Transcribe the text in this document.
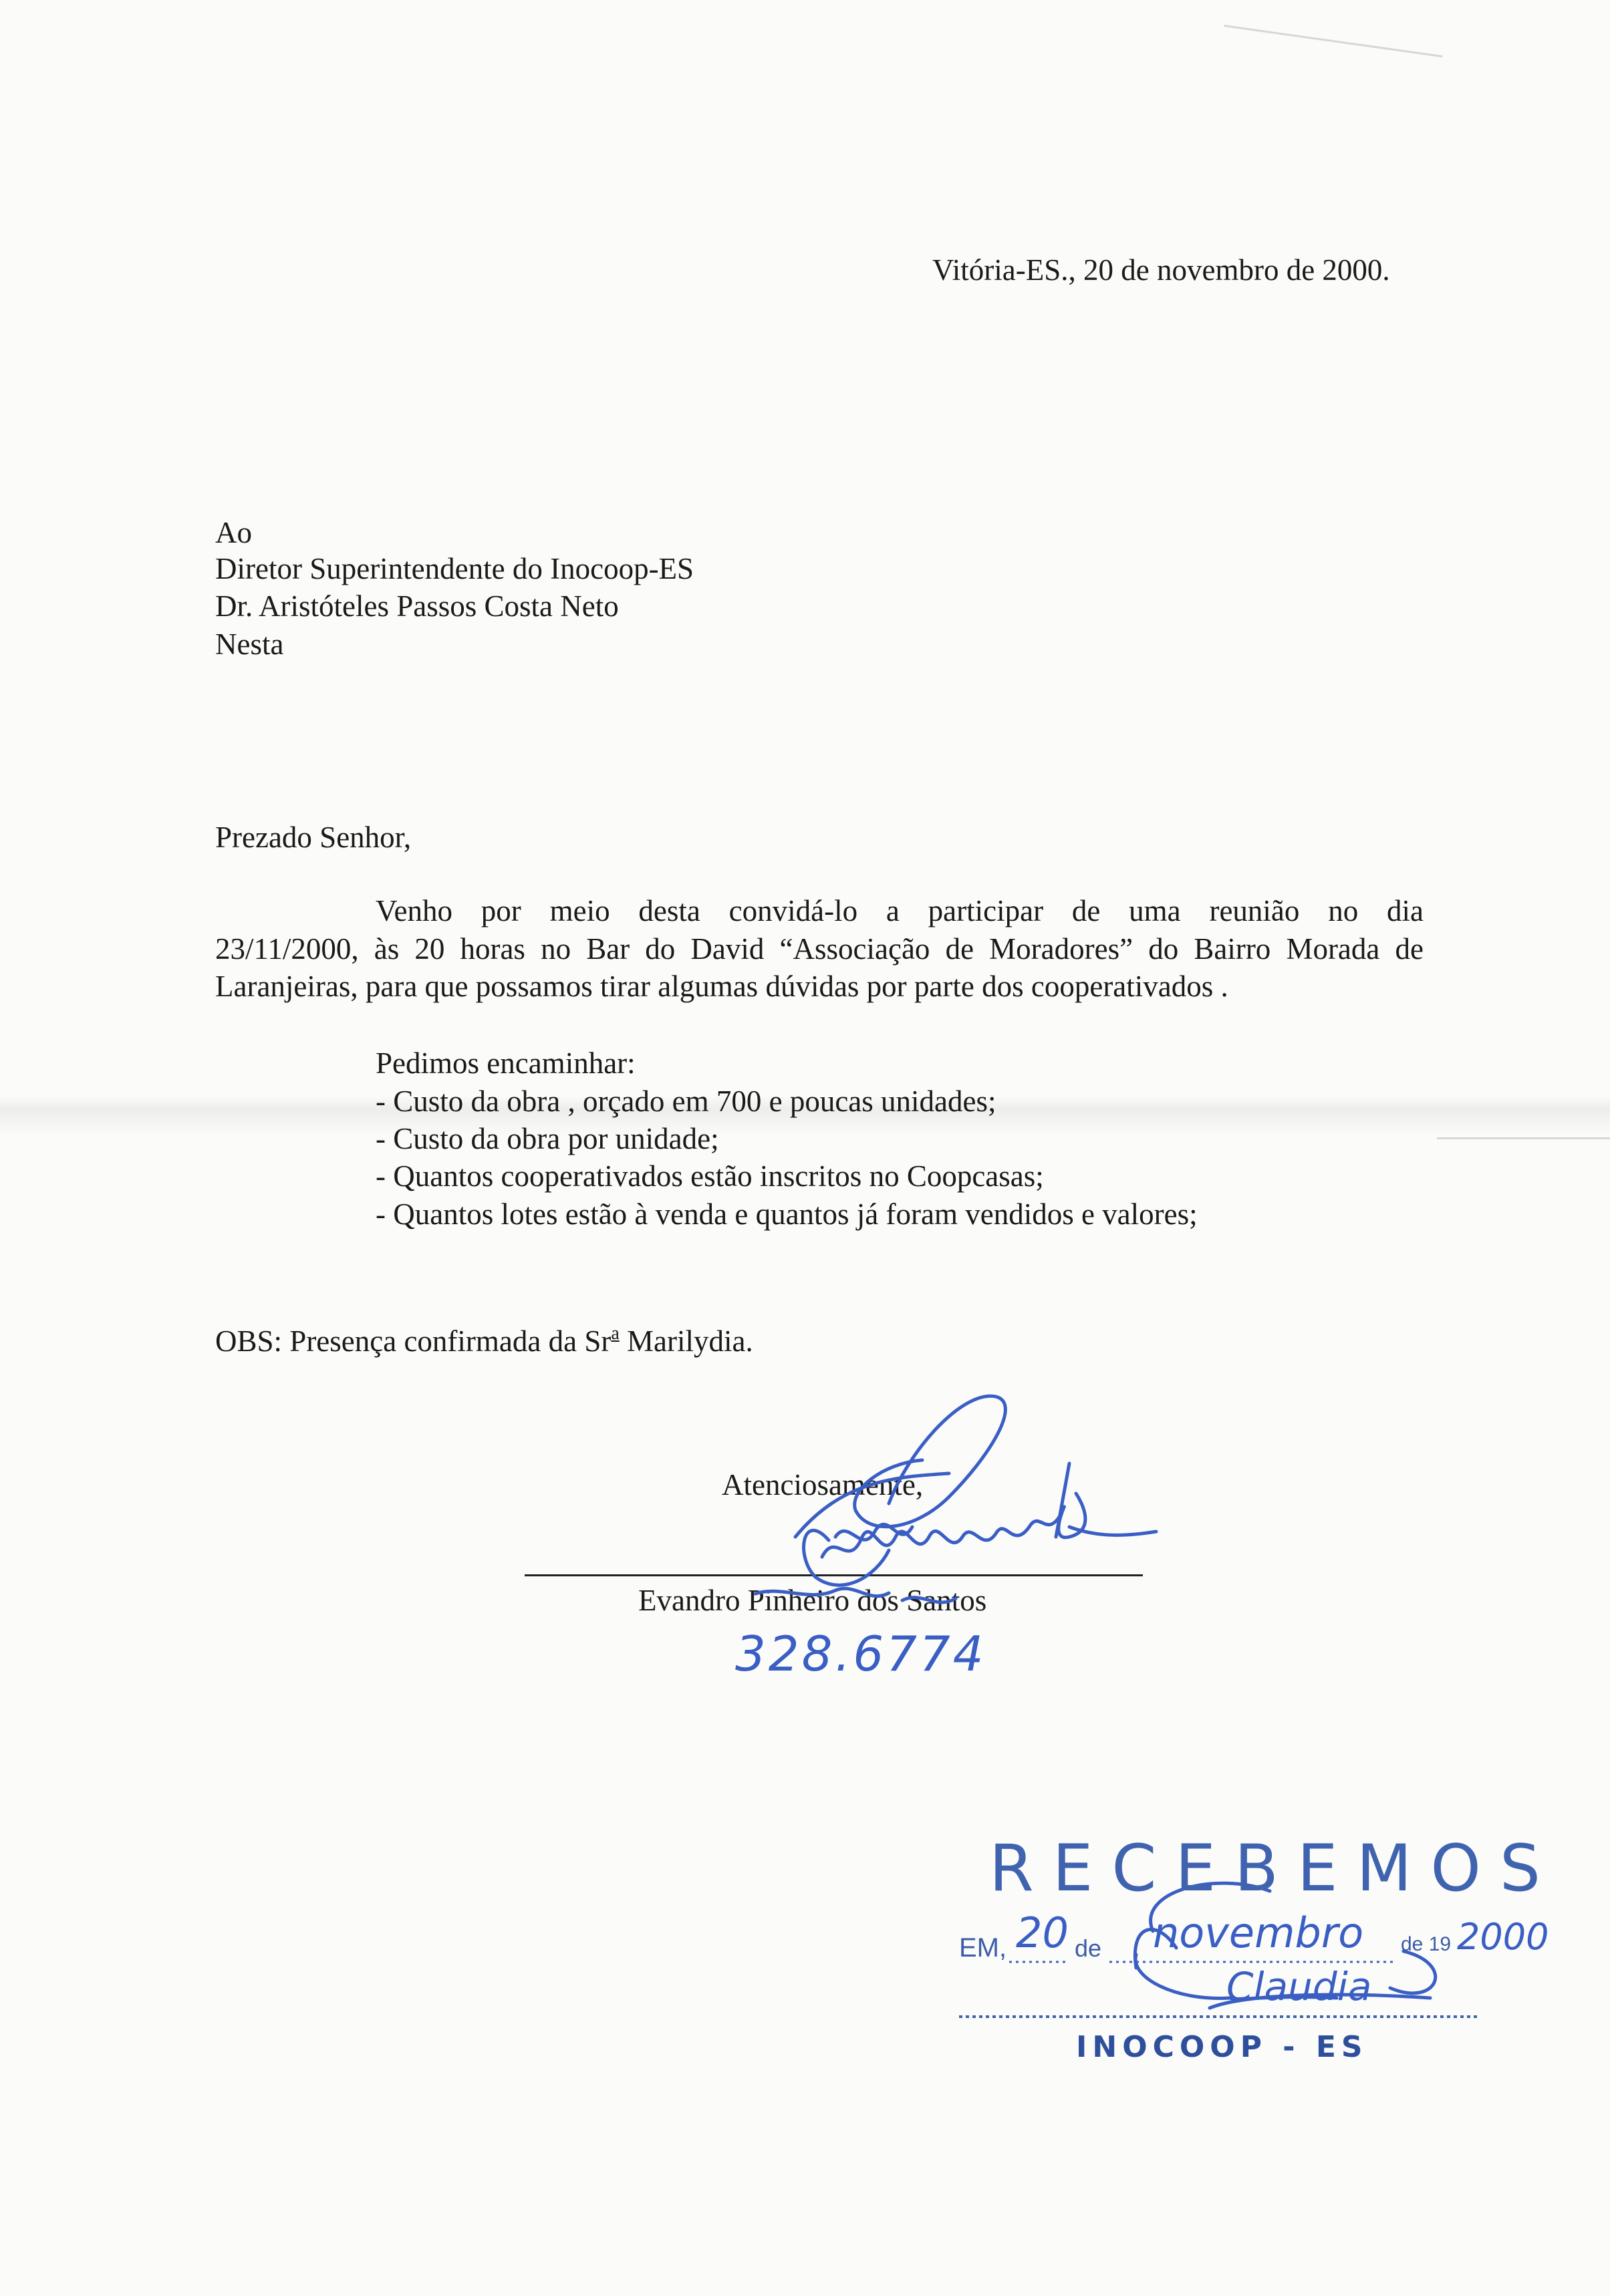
Vitória-ES., 20 de novembro de 2000.
Ao
Diretor Superintendente do Inocoop-ES
Dr. Aristóteles Passos Costa Neto
Nesta
Prezado Senhor,
Venho por meio desta convidá-lo a participar de uma reunião no dia
23/11/2000, às 20 horas no Bar do David “Associação de Moradores” do Bairro Morada de
Laranjeiras, para que possamos tirar algumas dúvidas por parte dos cooperativados .
Pedimos encaminhar:
- Custo da obra , orçado em 700 e poucas unidades;
- Custo da obra por unidade;
- Quantos cooperativados estão inscritos no Coopcasas;
- Quantos lotes estão à venda e quantos já foram vendidos e valores;
OBS: Presença confirmada da Sr$^a$ Marilydia.
Atenciosamente,
Evandro Pinheiro dos Santos
328.6774
RECEBEMOS
EM, 20 de novembro de 19 2000
Claudia
INOCOOP - ES
